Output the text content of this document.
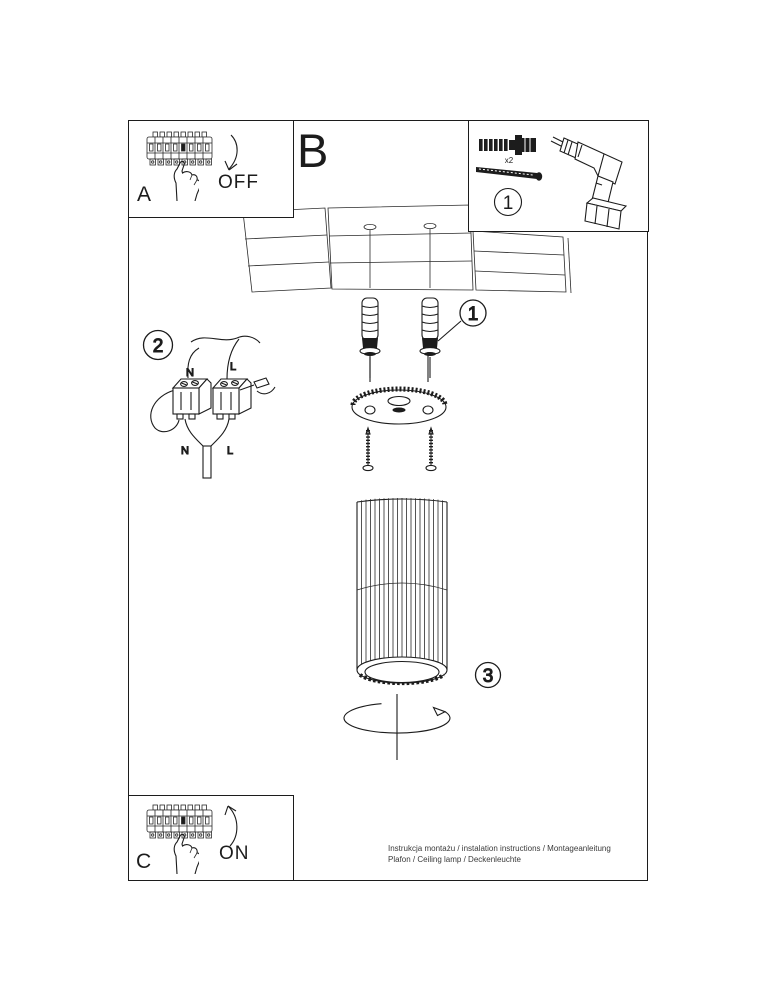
B
1
3
2
N	L
N	L
OFF
A
x2
1
ON
C
Instrukcja montażu / instalation instructions / Montageanleitung
Plafon / Ceiling lamp / Deckenleuchte
